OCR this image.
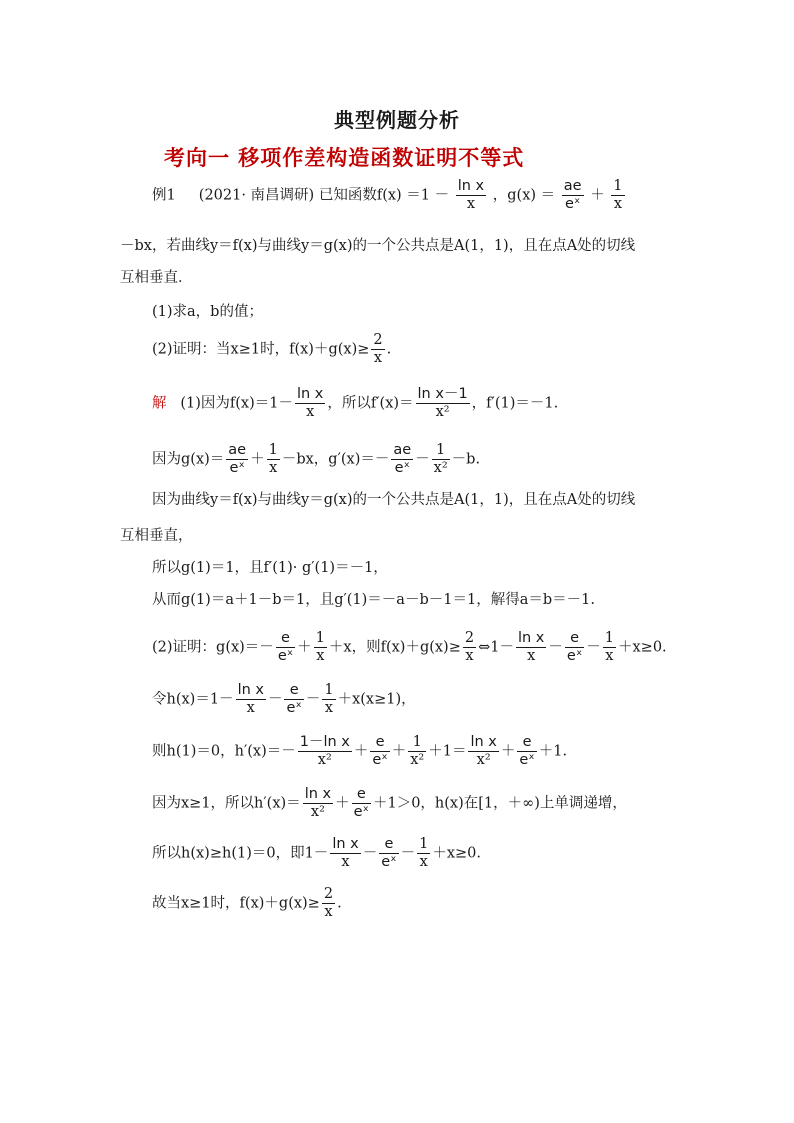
典型例题分析
考向一 移项作差构造函数证明不等式
例1 (2021· 南昌调研) 已知函数$f(x) =1 - \frac{\text{ln x}}{x}$ ，$g(x) = \frac{ae}{\text{eˣ}} + \frac{1}{x}$
－bx，若曲线y＝f(x)与曲线y＝g(x)的一个公共点是A(1，1)，且在点A处的切线
互相垂直．
(1)求a，b的值；
(2)证明：当x≥1时，$f(x)+g(x)\ge \frac{2}{x}$ .
解 (1)因为$f(x)=1- \frac{\text{ln x}}{x}$ ，所以$f'(x)= \frac{\text{ln x－1}}{\text{x²}}$ ，f′(1)＝－1.
因为$g(x)= \frac{ae}{\text{eˣ}} + \frac{1}{x} -bx$，$g'(x)=- \frac{ae}{\text{eˣ}} - \frac{1}{\text{x²}} -b$.
因为曲线y＝f(x)与曲线y＝g(x)的一个公共点是A(1，1)，且在点A处的切线
互相垂直，
所以g(1)＝1，且f′(1)· g′(1)＝－1，
从而g(1)＝a＋1－b＝1，且g′(1)＝－a－b－1＝1，解得a＝b＝－1.
(2)证明：$g(x)=- \frac{e}{\text{eˣ}} + \frac{1}{x} +x$，则$f(x)+g(x)\ge \frac{2}{x}$ ⇔1－ $\frac{\text{ln x}}{x} - \frac{e}{\text{eˣ}} - \frac{1}{x} +x\ge 0$.
令$h(x)=1- \frac{\text{ln x}}{x} - \frac{e}{\text{eˣ}} - \frac{1}{x} +x(x\ge 1)$，
则h(1)＝0，$h'(x)=- \frac{\text{1－ln x}}{\text{x²}} + \frac{e}{\text{eˣ}} + \frac{1}{\text{x²}} +1= \frac{\text{ln x}}{\text{x²}} + \frac{e}{\text{eˣ}} +1$.
因为x≥1，所以$h'(x)= \frac{\text{ln x}}{\text{x²}} + \frac{e}{\text{eˣ}} +1>0$，h(x)在[1，＋∞)上单调递增，
所以h(x)≥h(1)＝0，即$1- \frac{\text{ln x}}{x} - \frac{e}{\text{eˣ}} - \frac{1}{x} +x\ge 0$.
故当x≥1时，$f(x)+g(x)\ge \frac{2}{x}$ .
